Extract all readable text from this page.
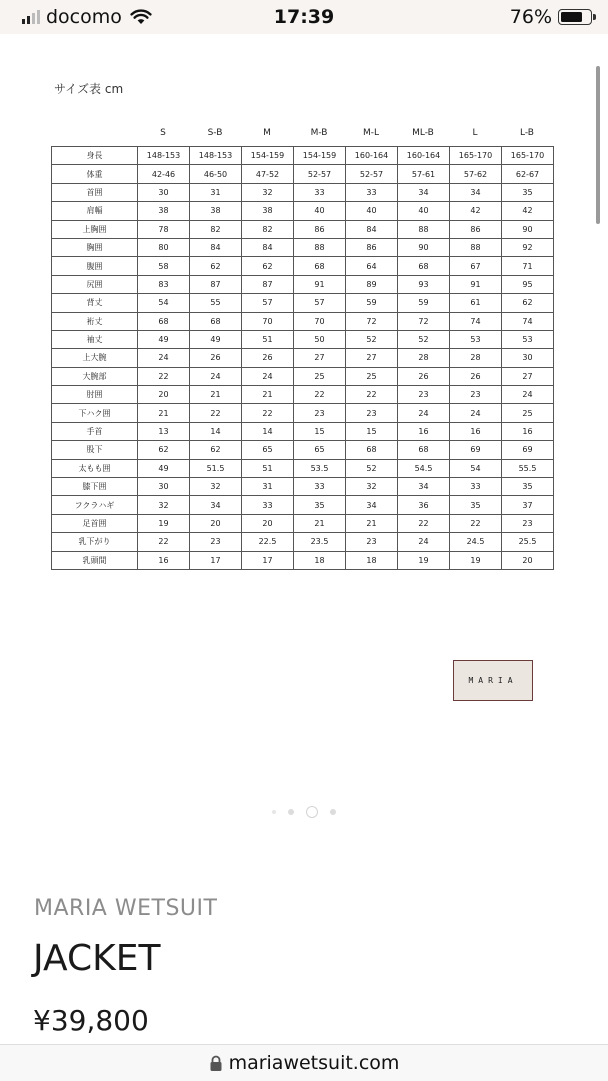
docomo	17:39	76%
サイズ表 cm
S	S-B	M	M-B	M-L	ML-B	L	L-B
身長	148-153	148-153	154-159	154-159	160-164	160-164	165-170	165-170
体重	42-46	46-50	47-52	52-57	52-57	57-61	57-62	62-67
首囲	30	31	32	33	33	34	34	35
肩幅	38	38	38	40	40	40	42	42
上胸囲	78	82	82	86	84	88	86	90
胸囲	80	84	84	88	86	90	88	92
腹囲	58	62	62	68	64	68	67	71
尻囲	83	87	87	91	89	93	91	95
背丈	54	55	57	57	59	59	61	62
裄丈	68	68	70	70	72	72	74	74
袖丈	49	49	51	50	52	52	53	53
上大腕	24	26	26	27	27	28	28	30
大腕部	22	24	24	25	25	26	26	27
肘囲	20	21	21	22	22	23	23	24
下ハク囲	21	22	22	23	23	24	24	25
手首	13	14	14	15	15	16	16	16
股下	62	62	65	65	68	68	69	69
太もも囲	49	51.5	51	53.5	52	54.5	54	55.5
膝下囲	30	32	31	33	32	34	33	35
フクラハギ	32	34	33	35	34	36	35	37
足首囲	19	20	20	21	21	22	22	23
乳下がり	22	23	22.5	23.5	23	24	24.5	25.5
乳頭間	16	17	17	18	18	19	19	20
MARIA
MARIA WETSUIT
JACKET
¥39,800
mariawetsuit.com
